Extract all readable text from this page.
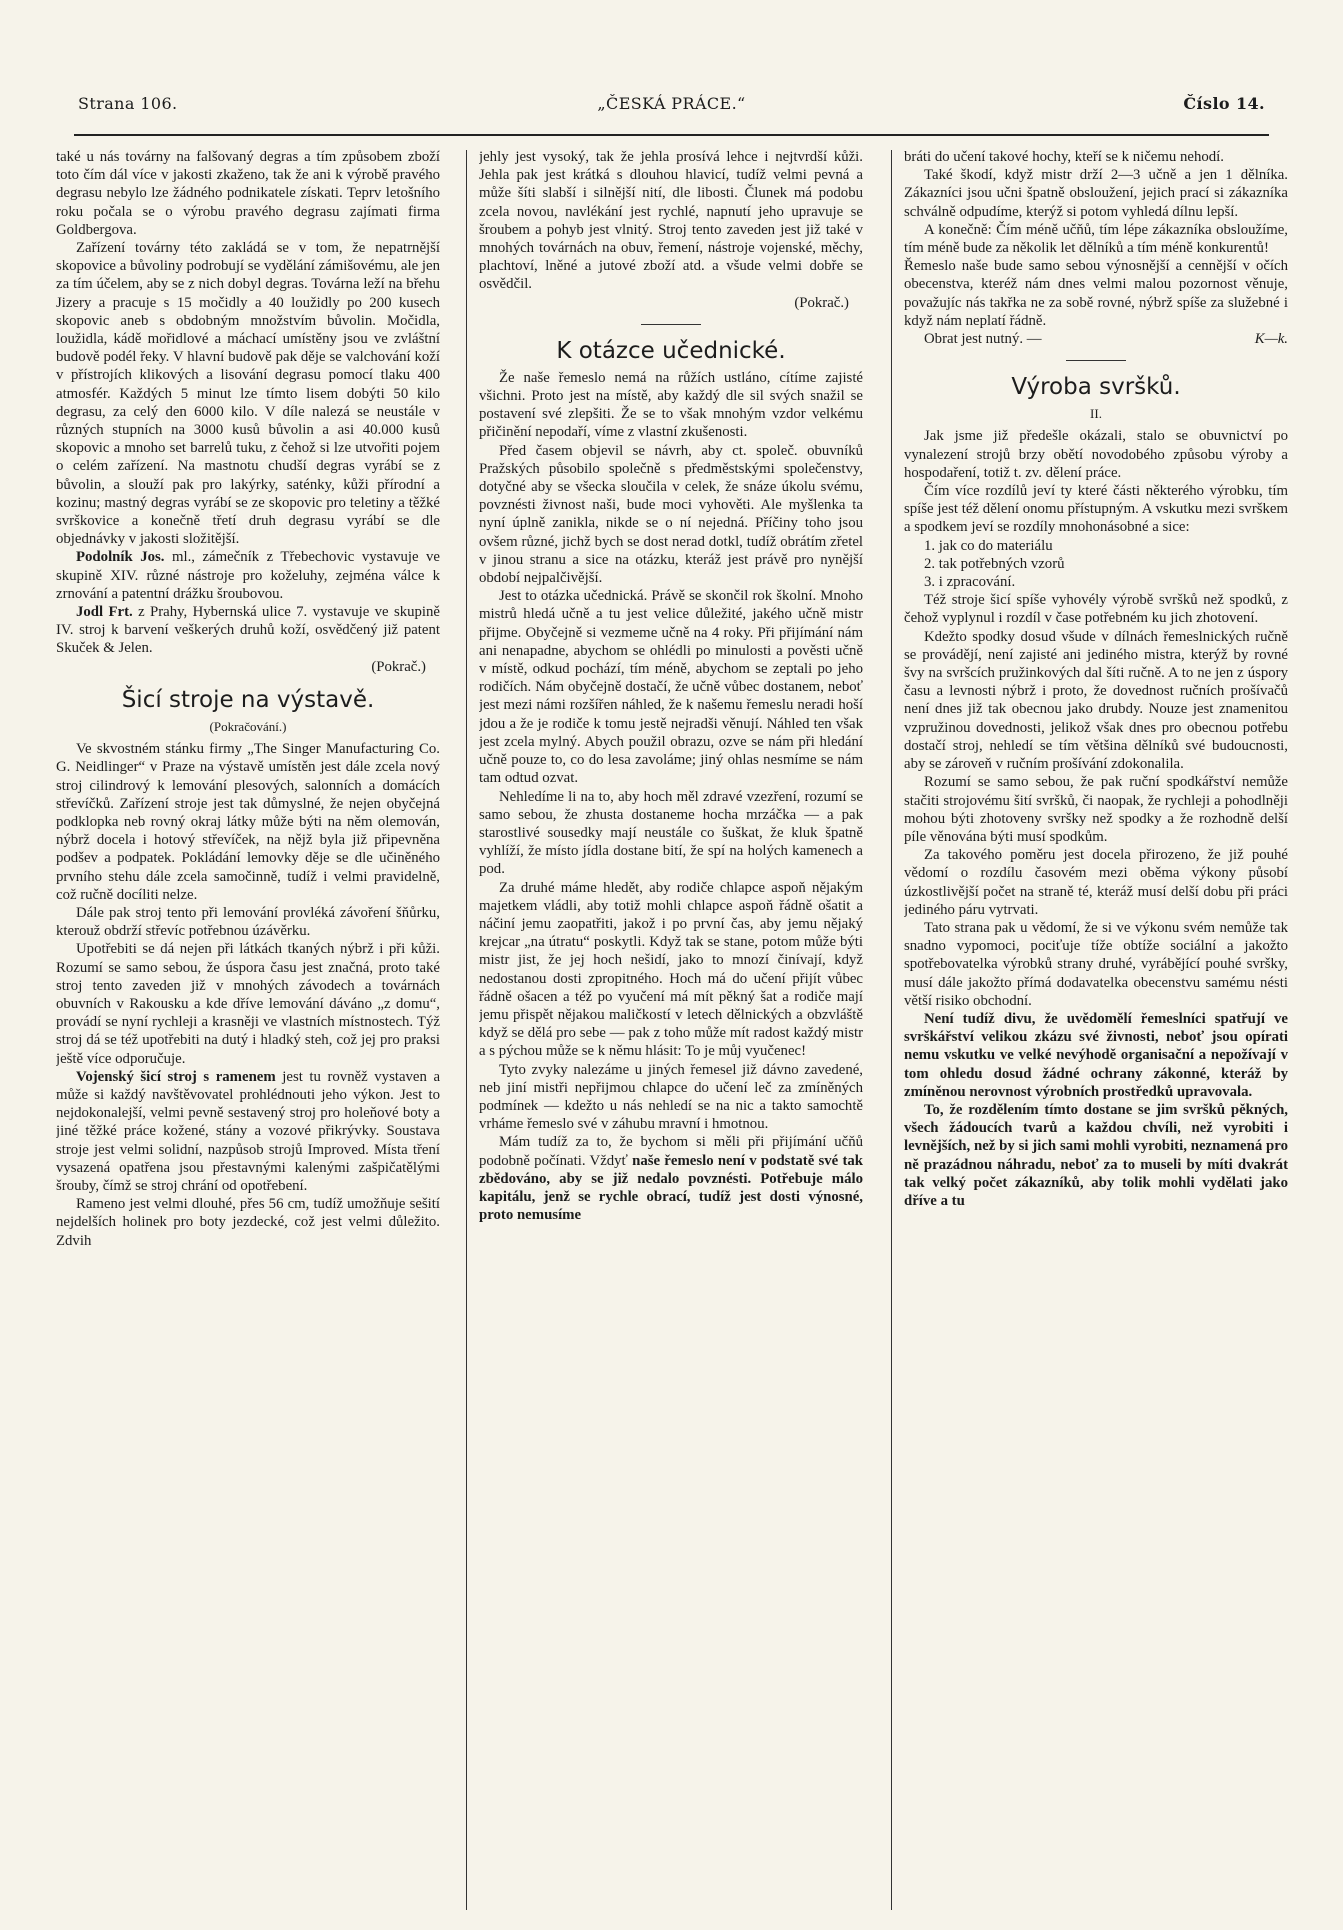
Strana 106.	„ČESKÁ PRÁCE.“	Číslo 14.

také u nás továrny na falšovaný degras a tím způsobem zboží toto čím dál více v jakosti zkaženo, tak že ani k výrobě pravého degrasu nebylo lze žádného podnikatele získati. Teprv letošního roku počala se o výrobu pravého degrasu zajímati firma Goldbergova.

Zařízení továrny této zakládá se v tom, že nepatrnější skopovice a bůvoliny podrobují se vydělání zámišovému, ale jen za tím účelem, aby se z nich dobyl degras. Továrna leží na břehu Jizery a pracuje s 15 močidly a 40 loužidly po 200 kusech skopovic aneb s obdobným množstvím bůvolin. Močidla, loužidla, kádě mořidlové a máchací umístěny jsou ve zvláštní budově podél řeky. V hlavní budově pak děje se valchování koží v přístrojích klikových a lisování degrasu pomocí tlaku 400 atmosfér. Každých 5 minut lze tímto lisem dobýti 50 kilo degrasu, za celý den 6000 kilo. V díle nalezá se neustále v různých stupních na 3000 kusů bůvolin a asi 40.000 kusů skopovic a mnoho set barrelů tuku, z čehož si lze utvořiti pojem o celém zařízení. Na mastnotu chudší degras vyrábí se z bůvolin, a slouží pak pro lakýrky, saténky, kůži přírodní a kozinu; mastný degras vyrábí se ze skopovic pro teletiny a těžké svrškovice a konečně třetí druh degrasu vyrábí se dle objednávky v jakosti složitější.

Podolník Jos. ml., zámečník z Třebechovic vystavuje ve skupině XIV. různé nástroje pro koželuhy, zejména válce k zrnování a patentní drážku šroubovou.

Jodl Frt. z Prahy, Hybernská ulice 7. vystavuje ve skupině IV. stroj k barvení veškerých druhů koží, osvědčený již patent Skuček & Jelen.

(Pokrač.)
Šicí stroje na výstavě.
(Pokračování.)

Ve skvostném stánku firmy „The Singer Manufacturing Co. G. Neidlinger“ v Praze na výstavě umístěn jest dále zcela nový stroj cilindrový k lemování plesových, salonních a domácích střevíčků. Zařízení stroje jest tak důmyslné, že nejen obyčejná podklopka neb rovný okraj látky může býti na něm olemován, nýbrž docela i hotový střevíček, na nějž byla již připevněna podšev a podpatek. Pokládání lemovky děje se dle učiněného prvního stehu dále zcela samočinně, tudíž i velmi pravidelně, což ručně docíliti nelze.

Dále pak stroj tento při lemování provléká závoření šňůrku, kterouž obdrží střevíc potřebnou úzávěrku.

Upotřebiti se dá nejen při látkách tkaných nýbrž i při kůži. Rozumí se samo sebou, že úspora času jest značná, proto také stroj tento zaveden již v mnohých závodech a továrnách obuvních v Rakousku a kde dříve lemování dáváno „z domu“, provádí se nyní rychleji a krasněji ve vlastních místnostech. Týž stroj dá se též upotřebiti na dutý i hladký steh, což jej pro praksi ještě více odporučuje.

Vojenský šicí stroj s ramenem jest tu rovněž vystaven a může si každý navštěvovatel prohlédnouti jeho výkon. Jest to nejdokonalejší, velmi pevně sestavený stroj pro holeňové boty a jiné těžké práce kožené, stány a vozové přikrývky. Soustava stroje jest velmi solidní, nazpůsob strojů Improved. Místa tření vysazená opatřena jsou přestavnými kalenými zašpičatělými šrouby, čímž se stroj chrání od opotřebení.

Rameno jest velmi dlouhé, přes 56 cm, tudíž umožňuje sešití nejdelších holinek pro boty jezdecké, což jest velmi důležito. Zdvih

jehly jest vysoký, tak že jehla prosívá lehce i nejtvrdší kůži. Jehla pak jest krátká s dlouhou hlavicí, tudíž velmi pevná a může šíti slabší i silnější nití, dle libosti. Člunek má podobu zcela novou, navlékání jest rychlé, napnutí jeho upravuje se šroubem a pohyb jest vlnitý. Stroj tento zaveden jest již také v mnohých továrnách na obuv, řemení, nástroje vojenské, měchy, plachtoví, lněné a jutové zboží atd. a všude velmi dobře se osvědčil.

(Pokrač.)
K otázce učednické.

Že naše řemeslo nemá na růžích ustláno, cítíme zajisté všichni. Proto jest na místě, aby každý dle sil svých snažil se postavení své zlepšiti. Že se to však mnohým vzdor velkému přičinění nepodaří, víme z vlastní zkušenosti.

Před časem objevil se návrh, aby ct. společ. obuvníků Pražských působilo společně s předměstskými společenstvy, dotyčné aby se všecka sloučila v celek, že snáze úkolu svému, povznésti živnost naši, bude moci vyhověti. Ale myšlenka ta nyní úplně zanikla, nikde se o ní nejedná. Příčiny toho jsou ovšem různé, jichž bych se dost nerad dotkl, tudíž obrátím zřetel v jinou stranu a sice na otázku, kteráž jest právě pro nynější období nejpalčivější.

Jest to otázka učednická. Právě se skončil rok školní. Mnoho mistrů hledá učně a tu jest velice důležité, jakého učně mistr přijme. Obyčejně si vezmeme učně na 4 roky. Při přijímání nám ani nenapadne, abychom se ohlédli po minulosti a pověsti učně v místě, odkud pochází, tím méně, abychom se zeptali po jeho rodičích. Nám obyčejně dostačí, že učně vůbec dostanem, neboť jest mezi námi rozšířen náhled, že k našemu řemeslu neradi hoší jdou a že je rodiče k tomu jestě nejradši věnují. Náhled ten však jest zcela mylný. Abych použil obrazu, ozve se nám při hledání učně pouze to, co do lesa zavoláme; jiný ohlas nesmíme se nám tam odtud ozvat.

Nehledíme li na to, aby hoch měl zdravé vzezření, rozumí se samo sebou, že zhusta dostaneme hocha mrzáčka — a pak starostlivé sousedky mají neustále co šuškat, že kluk špatně vyhlíží, že místo jídla dostane bití, že spí na holých kamenech a pod.

Za druhé máme hledět, aby rodiče chlapce aspoň nějakým majetkem vládli, aby totiž mohli chlapce aspoň řádně ošatit a náčiní jemu zaopatřiti, jakož i po první čas, aby jemu nějaký krejcar „na útratu“ poskytli. Když tak se stane, potom může býti mistr jist, že jej hoch nešidí, jako to mnozí činívají, když nedostanou dosti zpropitného. Hoch má do učení přijít vůbec řádně ošacen a též po vyučení má mít pěkný šat a rodiče mají jemu přispět nějakou maličkostí v letech dělnických a obzvláště když se dělá pro sebe — pak z toho může mít radost každý mistr a s pýchou může se k němu hlásit: To je můj vyučenec!

Tyto zvyky nalezáme u jiných řemesel již dávno zavedené, neb jiní mistři nepřijmou chlapce do učení leč za zmíněných podmínek — kdežto u nás nehledí se na nic a takto samochtě vrháme řemeslo své v záhubu mravní i hmotnou.

Mám tudíž za to, že bychom si měli při přijímání učňů podobně počínati. Vždyť naše řemeslo není v podstatě své tak zbědováno, aby se již nedalo povznésti. Potřebuje málo kapitálu, jenž se rychle obrací, tudíž jest dosti výnosné, proto nemusíme

bráti do učení takové hochy, kteří se k ničemu nehodí.

Také škodí, když mistr drží 2—3 učně a jen 1 dělníka. Zákazníci jsou učni špatně obsloužení, jejich prací si zákazníka schválně odpudíme, kterýž si potom vyhledá dílnu lepší.

A konečně: Čím méně učňů, tím lépe zákazníka obsloužíme, tím méně bude za několik let dělníků a tím méně konkurentů!

Řemeslo naše bude samo sebou výnosnější a cennější v očích obecenstva, kteréž nám dnes velmi malou pozornost věnuje, považujíc nás takřka ne za sobě rovné, nýbrž spíše za služebné i když nám neplatí řádně.

Obrat jest nutný. —	K—k.

Výroba svršků.
II.

Jak jsme již předešle okázali, stalo se obuvnictví po vynalezení strojů brzy obětí novodobého způsobu výroby a hospodaření, totiž t. zv. dělení práce.

Čím více rozdílů jeví ty které části některého výrobku, tím spíše jest též dělení onomu přístupným. A vskutku mezi svrškem a spodkem jeví se rozdíly mnohonásobné a sice:

1. jak co do materiálu

2. tak potřebných vzorů

3. i zpracování.

Též stroje šicí spíše vyhovély výrobě svršků než spodků, z čehož vyplynul i rozdíl v čase potřebném ku jich zhotovení.

Kdežto spodky dosud všude v dílnách řemeslnických ručně se provádějí, není zajisté ani jediného mistra, kterýž by rovné švy na svršcích pružinkových dal šíti ručně. A to ne jen z úspory času a levnosti nýbrž i proto, že dovednost ručních prošívačů není dnes již tak obecnou jako drubdy. Nouze jest znamenitou vzpružinou dovednosti, jelikož však dnes pro obecnou potřebu dostačí stroj, nehledí se tím většina dělníků své budoucnosti, aby se zároveň v ručním prošívání zdokonalila.

Rozumí se samo sebou, že pak ruční spodkářství nemůže stačiti strojovému šití svršků, či naopak, že rychleji a pohodlněji mohou býti zhotoveny svršky než spodky a že rozhodně delší píle věnována býti musí spodkům.

Za takového poměru jest docela přirozeno, že již pouhé vědomí o rozdílu časovém mezi oběma výkony působí úzkostlivější počet na straně té, kteráž musí delší dobu při práci jediného páru vytrvati.

Tato strana pak u vědomí, že si ve výkonu svém nemůže tak snadno vypomoci, pociťuje tíže obtíže sociální a jakožto spotřebovatelka výrobků strany druhé, vyrábějící pouhé svršky, musí dále jakožto přímá dodavatelka obecenstvu samému nésti větší risiko obchodní.

Není tudíž divu, že uvědomělí řemeslníci spatřují ve svrškářství velikou zkázu své živnosti, neboť jsou opírati nemu vskutku ve velké nevýhodě organisační a nepožívají v tom ohledu dosud žádné ochrany zákonné, kteráž by zmíněnou nerovnost výrobních prostředků upravovala.

To, že rozdělením tímto dostane se jim svršků pěkných, všech žádoucích tvarů a každou chvíli, než vyrobiti i levnějších, než by si jich sami mohli vyrobiti, neznamená pro ně prazádnou náhradu, neboť za to museli by míti dvakrát tak velký počet zákazníků, aby tolik mohli vydělati jako dříve a tu
